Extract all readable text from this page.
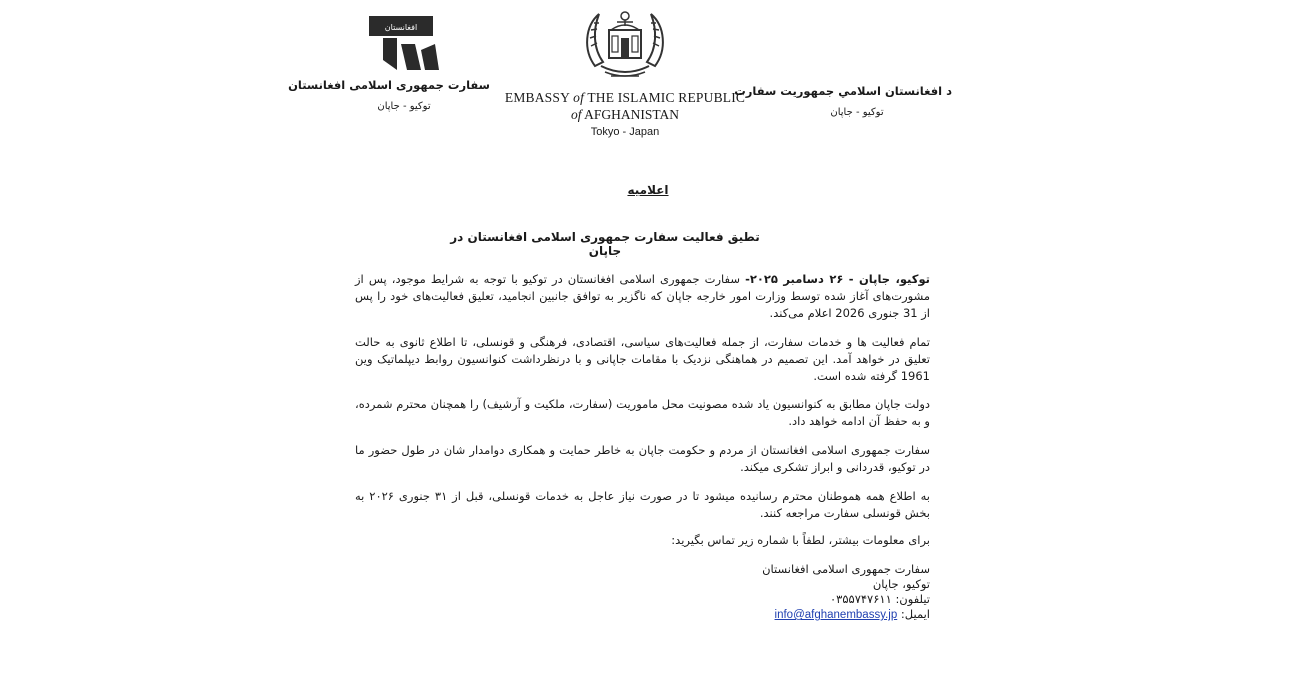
افغانستان
سفارت جمهوری اسلامی افغانستان
توکیو - جاپان
EMBASSY of THE ISLAMIC REPUBLIC
of AFGHANISTAN
Tokyo - Japan
د افغانستان اسلامي جمهوريت سفارت
توکيو - جاپان
اعلامیه
تطیق فعالیت سفارت جمهوری اسلامی افغانستان در جاپان
توکیو، جاپان - ۲۶ دسامبر ۲۰۲۵- سفارت جمهوری اسلامی افغانستان در توکیو با توجه به شرایط موجود، پس از مشورت‌های آغاز شده توسط وزارت امور خارجه جاپان که ناگزیر به توافق جانبین انجامید، تعلیق فعالیت‌های خود را پس از 31 جنوری 2026 اعلام می‌کند.
تمام فعالیت ها و خدمات سفارت، از جمله فعالیت‌های سیاسی، اقتصادی، فرهنگی و قونسلی، تا اطلاع ثانوی به حالت تعلیق در خواهد آمد. این تصمیم در هماهنگی نزدیک با مقامات جاپانی و با درنظرداشت کنوانسیون روابط دیپلماتیک وین 1961 گرفته شده است.
دولت جاپان مطابق به کنوانسیون یاد شده مصونیت محل ماموریت (سفارت، ملکیت و آرشیف) را همچنان محترم شمرده، و به حفظ آن ادامه خواهد داد.
سفارت جمهوری اسلامی افغانستان از مردم و حکومت جاپان به خاطر حمایت و همکاری دوامدار شان در طول حضور ما در توکیو، قدردانی و ابراز تشکری میکند.
به اطلاع همه هموطنان محترم رسانیده میشود تا در صورت نیاز عاجل به خدمات قونسلی، قبل از ۳۱ جنوری ۲۰۲۶ به بخش قونسلی سفارت مراجعه کنند.
برای معلومات بیشتر، لطفاً با شماره زیر تماس بگیرید:
سفارت جمهوری اسلامی افغانستان
توکیو، جاپان
تیلفون: ۰۳۵۵۷۴۷۶۱۱
ایمیل: info@afghanembassy.jp
